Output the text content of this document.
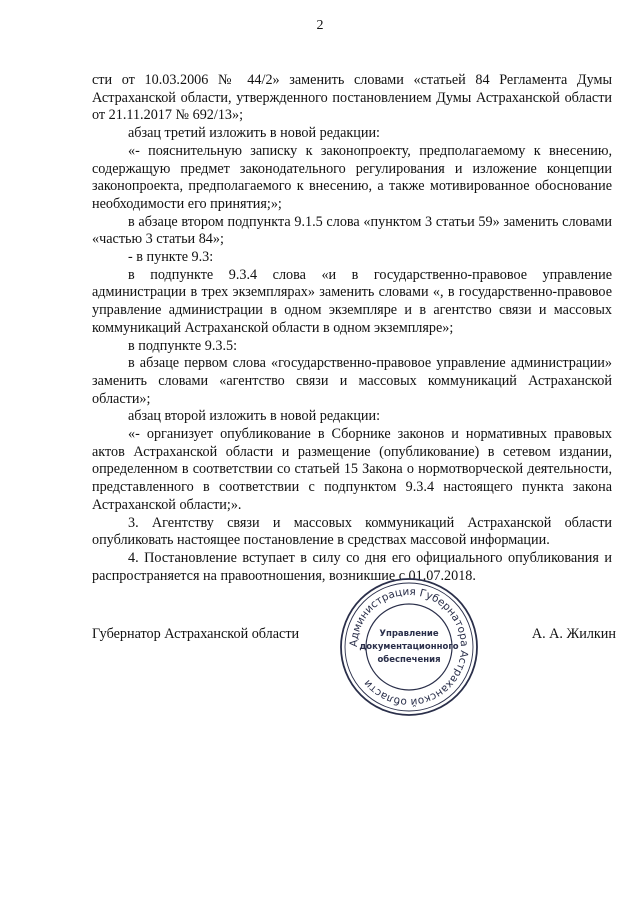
2

сти от 10.03.2006 № 44/2» заменить словами «статьей 84 Регламента Думы Астраханской области, утвержденного постановлением Думы Астраханской области от 21.11.2017 № 692/13»;

абзац третий изложить в новой редакции:

«- пояснительную записку к законопроекту, предполагаемому к внесению, содержащую предмет законодательного регулирования и изложение концепции законопроекта, предполагаемого к внесению, а также мотивированное обоснование необходимости его принятия;»;

в абзаце втором подпункта 9.1.5 слова «пунктом 3 статьи 59» заменить словами «частью 3 статьи 84»;

- в пункте 9.3:

в подпункте 9.3.4 слова «и в государственно-правовое управление администрации в трех экземплярах» заменить словами «, в государственно-правовое управление администрации в одном экземпляре и в агентство связи и массовых коммуникаций Астраханской области в одном экземпляре»;

в подпункте 9.3.5:

в абзаце первом слова «государственно-правовое управление администрации» заменить словами «агентство связи и массовых коммуникаций Астраханской области»;

абзац второй изложить в новой редакции:

«- организует опубликование в Сборнике законов и нормативных правовых актов Астраханской области и размещение (опубликование) в сетевом издании, определенном в соответствии со статьей 15 Закона о нормотворческой деятельности, представленного в соответствии с подпунктом 9.3.4 настоящего пункта закона Астраханской области;».

3. Агентству связи и массовых коммуникаций Астраханской области опубликовать настоящее постановление в средствах массовой информации.

4. Постановление вступает в силу со дня его официального опубликования и распространяется на правоотношения, возникшие с 01.07.2018.

Губернатор Астраханской области	А. А. Жилкин
Администрация Губернатора Астраханской области
Управление
документационного
обеспечения
